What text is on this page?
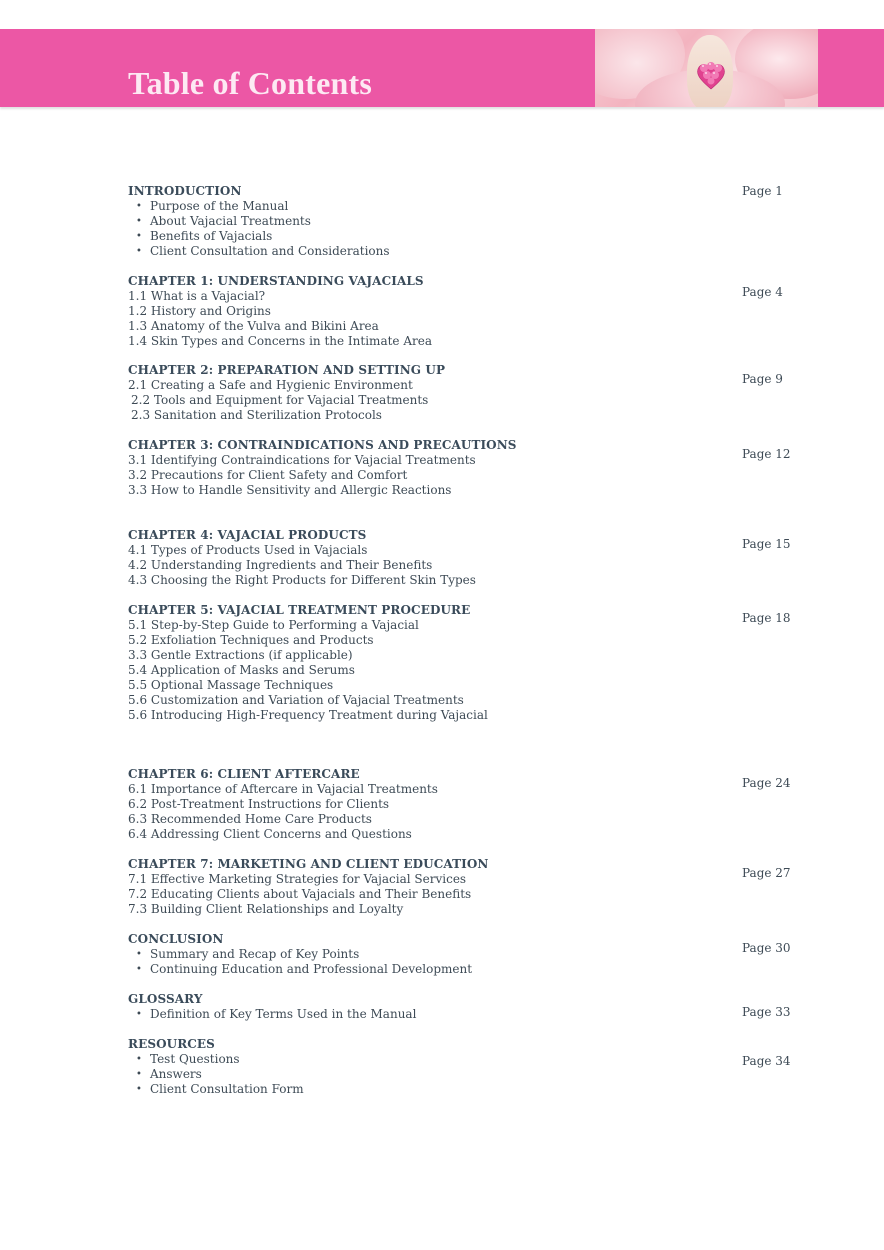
Table of Contents
INTRODUCTION
• Purpose of the Manual
• About Vajacial Treatments
• Benefits of Vajacials
• Client Consultation and Considerations
Page 1
CHAPTER 1: UNDERSTANDING VAJACIALS
1.1 What is a Vajacial?
1.2 History and Origins
1.3 Anatomy of the Vulva and Bikini Area
1.4 Skin Types and Concerns in the Intimate Area
Page 4
CHAPTER 2: PREPARATION AND SETTING UP
2.1 Creating a Safe and Hygienic Environment
2.2 Tools and Equipment for Vajacial Treatments
2.3 Sanitation and Sterilization Protocols
Page 9
CHAPTER 3: CONTRAINDICATIONS AND PRECAUTIONS
3.1 Identifying Contraindications for Vajacial Treatments
3.2 Precautions for Client Safety and Comfort
3.3 How to Handle Sensitivity and Allergic Reactions
Page 12
CHAPTER 4: VAJACIAL PRODUCTS
4.1 Types of Products Used in Vajacials
4.2 Understanding Ingredients and Their Benefits
4.3 Choosing the Right Products for Different Skin Types
Page 15
CHAPTER 5: VAJACIAL TREATMENT PROCEDURE
5.1 Step-by-Step Guide to Performing a Vajacial
5.2 Exfoliation Techniques and Products
3.3 Gentle Extractions (if applicable)
5.4 Application of Masks and Serums
5.5 Optional Massage Techniques
5.6 Customization and Variation of Vajacial Treatments
5.6 Introducing High-Frequency Treatment during Vajacial
Page 18
CHAPTER 6: CLIENT AFTERCARE
6.1 Importance of Aftercare in Vajacial Treatments
6.2 Post-Treatment Instructions for Clients
6.3 Recommended Home Care Products
6.4 Addressing Client Concerns and Questions
Page 24
CHAPTER 7: MARKETING AND CLIENT EDUCATION
7.1 Effective Marketing Strategies for Vajacial Services
7.2 Educating Clients about Vajacials and Their Benefits
7.3 Building Client Relationships and Loyalty
Page 27
CONCLUSION
• Summary and Recap of Key Points
• Continuing Education and Professional Development
Page 30
GLOSSARY
• Definition of Key Terms Used in the Manual	Page 33
RESOURCES
• Test Questions
• Answers
• Client Consultation Form
Page 34
